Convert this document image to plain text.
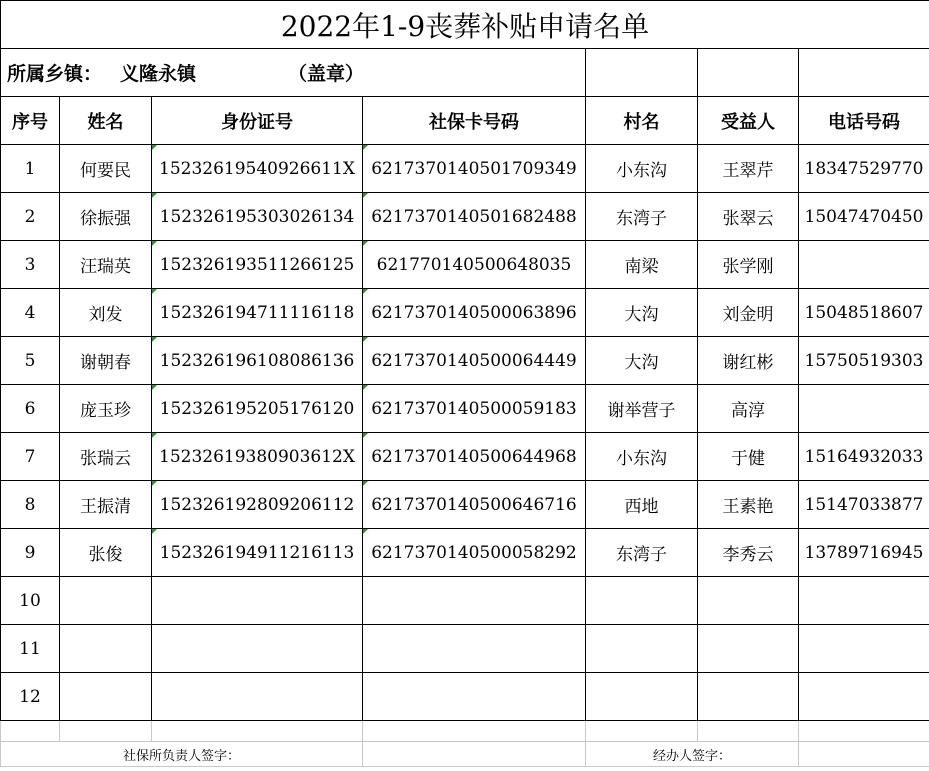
2022年1-9丧葬补贴申请名单						
所属乡镇： 义隆永镇 （盖章）						
序号	姓名	身份证号	社保卡号码	村名	受益人	电话号码
1	何要民	15232619540926611X	6217370140501709349	小东沟	王翠芹	18347529770
2	徐振强	152326195303026134	6217370140501682488	东湾子	张翠云	15047470450
3	汪瑞英	152326193511266125	621770140500648035	南梁	张学刚	
4	刘发	152326194711116118	6217370140500063896	大沟	刘金明	15048518607
5	谢朝春	152326196108086136	6217370140500064449	大沟	谢红彬	15750519303
6	庞玉珍	152326195205176120	6217370140500059183	谢举营子	高淳	
7	张瑞云	15232619380903612X	6217370140500644968	小东沟	于健	15164932033
8	王振清	152326192809206112	6217370140500646716	西地	王素艳	15147033877
9	张俊	152326194911216113	6217370140500058292	东湾子	李秀云	13789716945
10						
11						
12						

社保所负责人签字：				经办人签字：		
